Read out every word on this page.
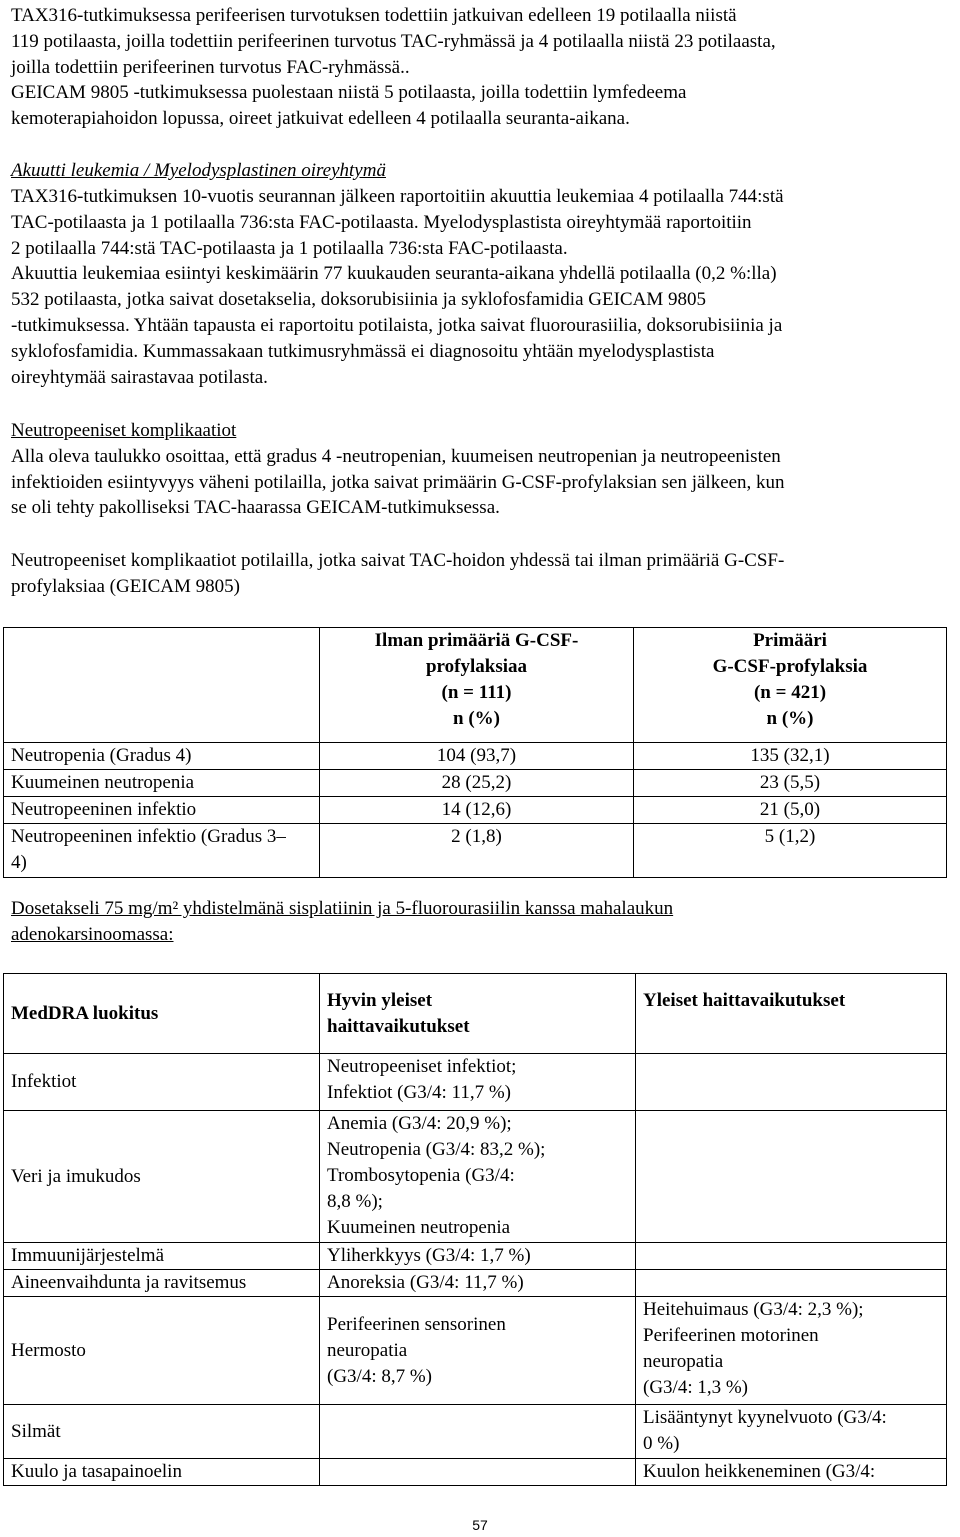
TAX316-tutkimuksessa perifeerisen turvotuksen todettiin jatkuivan edelleen 19 potilaalla niistä
119 potilaasta, joilla todettiin perifeerinen turvotus TAC-ryhmässä ja 4 potilaalla niistä 23 potilaasta,
joilla todettiin perifeerinen turvotus FAC-ryhmässä..
GEICAM 9805 -tutkimuksessa puolestaan niistä 5 potilaasta, joilla todettiin lymfedeema
kemoterapiahoidon lopussa, oireet jatkuivat edelleen 4 potilaalla seuranta-aikana.
Akuutti leukemia / Myelodysplastinen oireyhtymä
TAX316-tutkimuksen 10-vuotis seurannan jälkeen raportoitiin akuuttia leukemiaa 4 potilaalla 744:stä
TAC-potilaasta ja 1 potilaalla 736:sta FAC-potilaasta. Myelodysplastista oireyhtymää raportoitiin
2 potilaalla 744:stä TAC-potilaasta ja 1 potilaalla 736:sta FAC-potilaasta.
Akuuttia leukemiaa esiintyi keskimäärin 77 kuukauden seuranta-aikana yhdellä potilaalla (0,2 %:lla)
532 potilaasta, jotka saivat dosetakselia, doksorubisiinia ja syklofosfamidia GEICAM 9805
-tutkimuksessa. Yhtään tapausta ei raportoitu potilaista, jotka saivat fluorourasiilia, doksorubisiinia ja
syklofosfamidia. Kummassakaan tutkimusryhmässä ei diagnosoitu yhtään myelodysplastista
oireyhtymää sairastavaa potilasta.
Neutropeeniset komplikaatiot
Alla oleva taulukko osoittaa, että gradus 4 -neutropenian, kuumeisen neutropenian ja neutropeenisten
infektioiden esiintyvyys väheni potilailla, jotka saivat primäärin G-CSF-profylaksian sen jälkeen, kun
se oli tehty pakolliseksi TAC-haarassa GEICAM-tutkimuksessa.
Neutropeeniset komplikaatiot potilailla, jotka saivat TAC-hoidon yhdessä tai ilman primääriä G-CSF-
profylaksiaa (GEICAM 9805)
	Ilman primääriä G-CSF-
profylaksiaa
(n = 111)
n (%)	Primääri
G-CSF-profylaksia
(n = 421)
n (%)
Neutropenia (Gradus 4)	104 (93,7)	135 (32,1)
Kuumeinen neutropenia	28 (25,2)	23 (5,5)
Neutropeeninen infektio	14 (12,6)	21 (5,0)
Neutropeeninen infektio (Gradus 3–
4)	2 (1,8)	5 (1,2)
Dosetakseli 75 mg/m² yhdistelmänä sisplatiinin ja 5-fluorourasiilin kanssa mahalaukun
adenokarsinoomassa:
MedDRA luokitus	Hyvin yleiset
haittavaikutukset	Yleiset haittavaikutukset
Infektiot	Neutropeeniset infektiot;
Infektiot (G3/4: 11,7 %)	
Veri ja imukudos	Anemia (G3/4: 20,9 %);
Neutropenia (G3/4: 83,2 %);
Trombosytopenia (G3/4:
8,8 %);
Kuumeinen neutropenia	
Immuunijärjestelmä	Yliherkkyys (G3/4: 1,7 %)	
Aineenvaihdunta ja ravitsemus	Anoreksia (G3/4: 11,7 %)	
Hermosto	Perifeerinen sensorinen
neuropatia
(G3/4: 8,7 %)	Heitehuimaus (G3/4: 2,3 %);
Perifeerinen motorinen
neuropatia
(G3/4: 1,3 %)
Silmät		Lisääntynyt kyynelvuoto (G3/4:
0 %)
Kuulo ja tasapainoelin		Kuulon heikkeneminen (G3/4:
57
